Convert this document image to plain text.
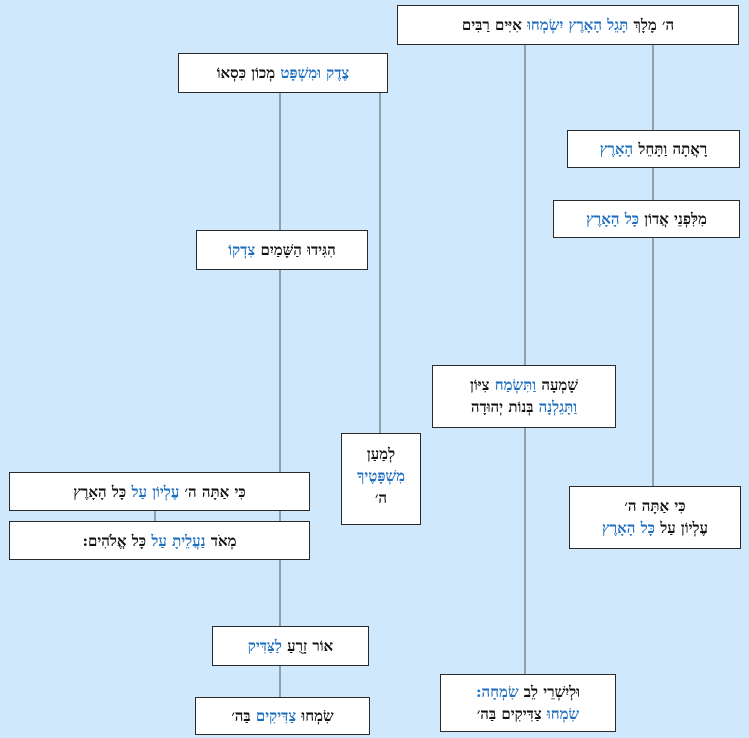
ה׳ מָלָךְ תָּגֵל הָאָרֶץ יִשְׂמְחוּ אִיִּים רַבִּים
צֶדֶק וּמִשְׁפָּט מְכוֹן כִּסְאוֹ
רָאֲתָה וַתָּחֵל הָאָרֶץ
מִלִּפְנֵי אֲדוֹן כָּל הָאָרֶץ
הִגִּידוּ הַשָּׁמַיִם צִדְקוֹ
שָׁמְעָה וַתִּשְׂמַח צִיּוֹן
וַתָּגֵלְנָה בְּנוֹת יְהוּדָה
לְמַעַן
מִשְׁפָּטֶיךָ
ה׳
כִּי אַתָּה ה׳ עֶלְיוֹן עַל כָּל הָאָרֶץ
מְאֹד נַעֲלֵיתָ עַל כָּל אֱלֹהִים:
כִּי אַתָּה ה׳
עֶלְיוֹן עַל כָּל הָאָרֶץ
אוֹר זָרֻעַ לַצַּדִּיק
וּלְיִשְׁרֵי לֵב שִׂמְחָה:
שִׂמְחוּ צַדִּיקִים בַּה׳
שִׂמְחוּ צַדִּיקִים בַּה׳
